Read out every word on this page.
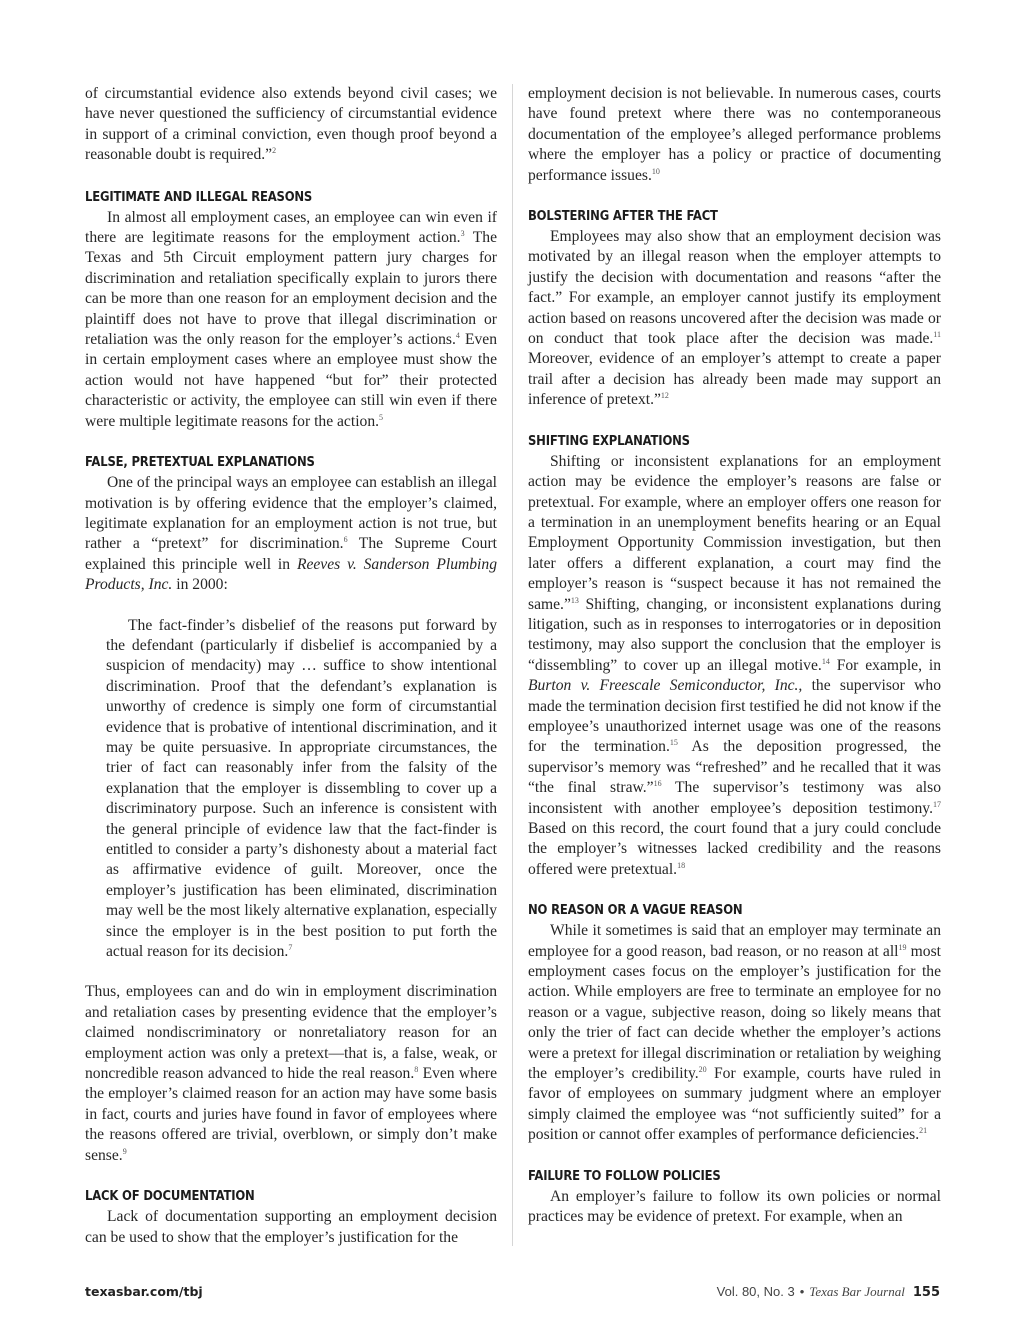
of circumstantial evidence also extends beyond civil cases; we have never questioned the sufficiency of circumstantial evidence in support of a criminal conviction, even though proof beyond a reasonable doubt is required.”$^2$

LEGITIMATE AND ILLEGAL REASONS

In almost all employment cases, an employee can win even if there are legitimate reasons for the employment action.$^3$ The Texas and 5th Circuit employment pattern jury charges for discrimination and retaliation specifically explain to jurors there can be more than one reason for an employment decision and the plaintiff does not have to prove that illegal discrimination or retaliation was the only reason for the employer’s actions.$^4$ Even in certain employment cases where an employee must show the action would not have happened “but for” their protected characteristic or activity, the employee can still win even if there were multiple legitimate reasons for the action.$^5$

FALSE, PRETEXTUAL EXPLANATIONS

One of the principal ways an employee can establish an illegal motivation is by offering evidence that the employer’s claimed, legitimate explanation for an employment action is not true, but rather a “pretext” for discrimination.$^6$ The Supreme Court explained this principle well in Reeves v. Sanderson Plumbing Products, Inc. in 2000:

The fact-finder’s disbelief of the reasons put forward by the defendant (particularly if disbelief is accompanied by a suspicion of mendacity) may … suffice to show intentional discrimination. Proof that the defendant’s explanation is unworthy of credence is simply one form of circumstantial evidence that is probative of intentional discrimination, and it may be quite persuasive. In appropriate circumstances, the trier of fact can reasonably infer from the falsity of the explanation that the employer is dissembling to cover up a discriminatory purpose. Such an inference is consistent with the general principle of evidence law that the fact-finder is entitled to consider a party’s dishonesty about a material fact as affirmative evidence of guilt. Moreover, once the employer’s justification has been eliminated, discrimination may well be the most likely alternative explanation, especially since the employer is in the best position to put forth the actual reason for its decision.$^7$

Thus, employees can and do win in employment discrimination and retaliation cases by presenting evidence that the employer’s claimed nondiscriminatory or nonretaliatory reason for an employment action was only a pretext—that is, a false, weak, or noncredible reason advanced to hide the real reason.$^8$ Even where the employer’s claimed reason for an action may have some basis in fact, courts and juries have found in favor of employees where the reasons offered are trivial, overblown, or simply don’t make sense.$^9$

LACK OF DOCUMENTATION

Lack of documentation supporting an employment decision can be used to show that the employer’s justification for the

employment decision is not believable. In numerous cases, courts have found pretext where there was no contemporaneous documentation of the employee’s alleged performance problems where the employer has a policy or practice of documenting performance issues.$^{10}$

BOLSTERING AFTER THE FACT

Employees may also show that an employment decision was motivated by an illegal reason when the employer attempts to justify the decision with documentation and reasons “after the fact.” For example, an employer cannot justify its employment action based on reasons uncovered after the decision was made or on conduct that took place after the decision was made.$^{11}$ Moreover, evidence of an employer’s attempt to create a paper trail after a decision has already been made may support an inference of pretext.”$^{12}$

SHIFTING EXPLANATIONS

Shifting or inconsistent explanations for an employment action may be evidence the employer’s reasons are false or pretextual. For example, where an employer offers one reason for a termination in an unemployment benefits hearing or an Equal Employment Opportunity Commission investigation, but then later offers a different explanation, a court may find the employer’s reason is “suspect because it has not remained the same.”$^{13}$ Shifting, changing, or inconsistent explanations during litigation, such as in responses to interrogatories or in deposition testimony, may also support the conclusion that the employer is “dissembling” to cover up an illegal motive.$^{14}$ For example, in Burton v. Freescale Semiconductor, Inc., the supervisor who made the termination decision first testified he did not know if the employee’s unauthorized internet usage was one of the reasons for the termination.$^{15}$ As the deposition progressed, the supervisor’s memory was “refreshed” and he recalled that it was “the final straw.”$^{16}$ The supervisor’s testimony was also inconsistent with another employee’s deposition testimony.$^{17}$ Based on this record, the court found that a jury could conclude the employer’s witnesses lacked credibility and the reasons offered were pretextual.$^{18}$

NO REASON OR A VAGUE REASON

While it sometimes is said that an employer may terminate an employee for a good reason, bad reason, or no reason at all$^{19}$ most employment cases focus on the employer’s justification for the action. While employers are free to terminate an employee for no reason or a vague, subjective reason, doing so likely means that only the trier of fact can decide whether the employer’s actions were a pretext for illegal discrimination or retaliation by weighing the employer’s credibility.$^{20}$ For example, courts have ruled in favor of employees on summary judgment where an employer simply claimed the employee was “not sufficiently suited” for a position or cannot offer examples of performance deficiencies.$^{21}$

FAILURE TO FOLLOW POLICIES

An employer’s failure to follow its own policies or normal practices may be evidence of pretext. For example, when an

texasbar.com/tbj	Vol. 80, No. 3 • Texas Bar Journal 155
